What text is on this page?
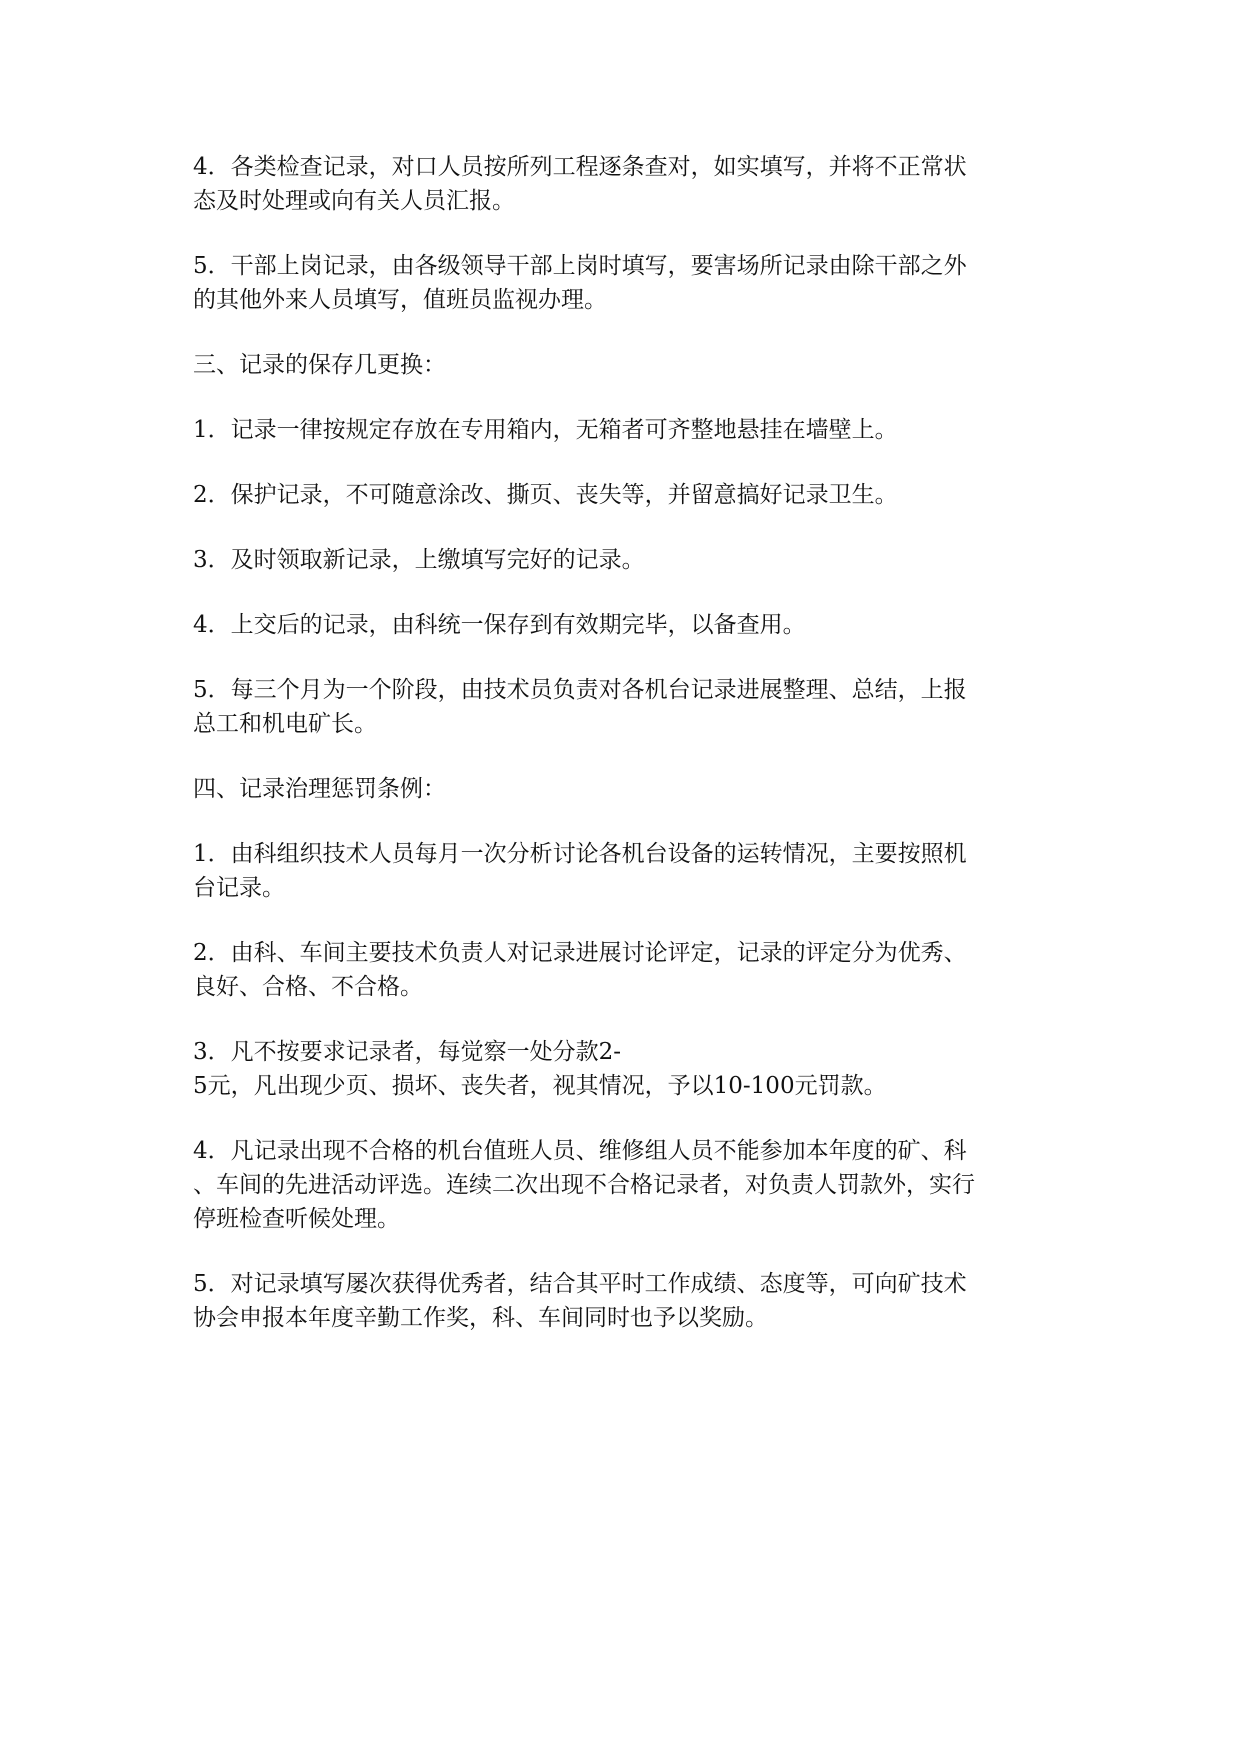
4．各类检查记录，对口人员按所列工程逐条查对，如实填写，并将不正常状
态及时处理或向有关人员汇报。

5．干部上岗记录，由各级领导干部上岗时填写，要害场所记录由除干部之外
的其他外来人员填写，值班员监视办理。

三、记录的保存几更换：

1．记录一律按规定存放在专用箱内，无箱者可齐整地悬挂在墙壁上。

2．保护记录，不可随意涂改、撕页、丧失等，并留意搞好记录卫生。

3．及时领取新记录，上缴填写完好的记录。

4．上交后的记录，由科统一保存到有效期完毕，以备查用。

5．每三个月为一个阶段，由技术员负责对各机台记录进展整理、总结，上报
总工和机电矿长。

四、记录治理惩罚条例：

1．由科组织技术人员每月一次分析讨论各机台设备的运转情况，主要按照机
台记录。

2．由科、车间主要技术负责人对记录进展讨论评定，记录的评定分为优秀、
良好、合格、不合格。

3．凡不按要求记录者，每觉察一处分款2-
5元，凡出现少页、损坏、丧失者，视其情况，予以10-100元罚款。

4．凡记录出现不合格的机台值班人员、维修组人员不能参加本年度的矿、科
、车间的先进活动评选。连续二次出现不合格记录者，对负责人罚款外，实行
停班检查听候处理。

5．对记录填写屡次获得优秀者，结合其平时工作成绩、态度等，可向矿技术
协会申报本年度辛勤工作奖，科、车间同时也予以奖励。
